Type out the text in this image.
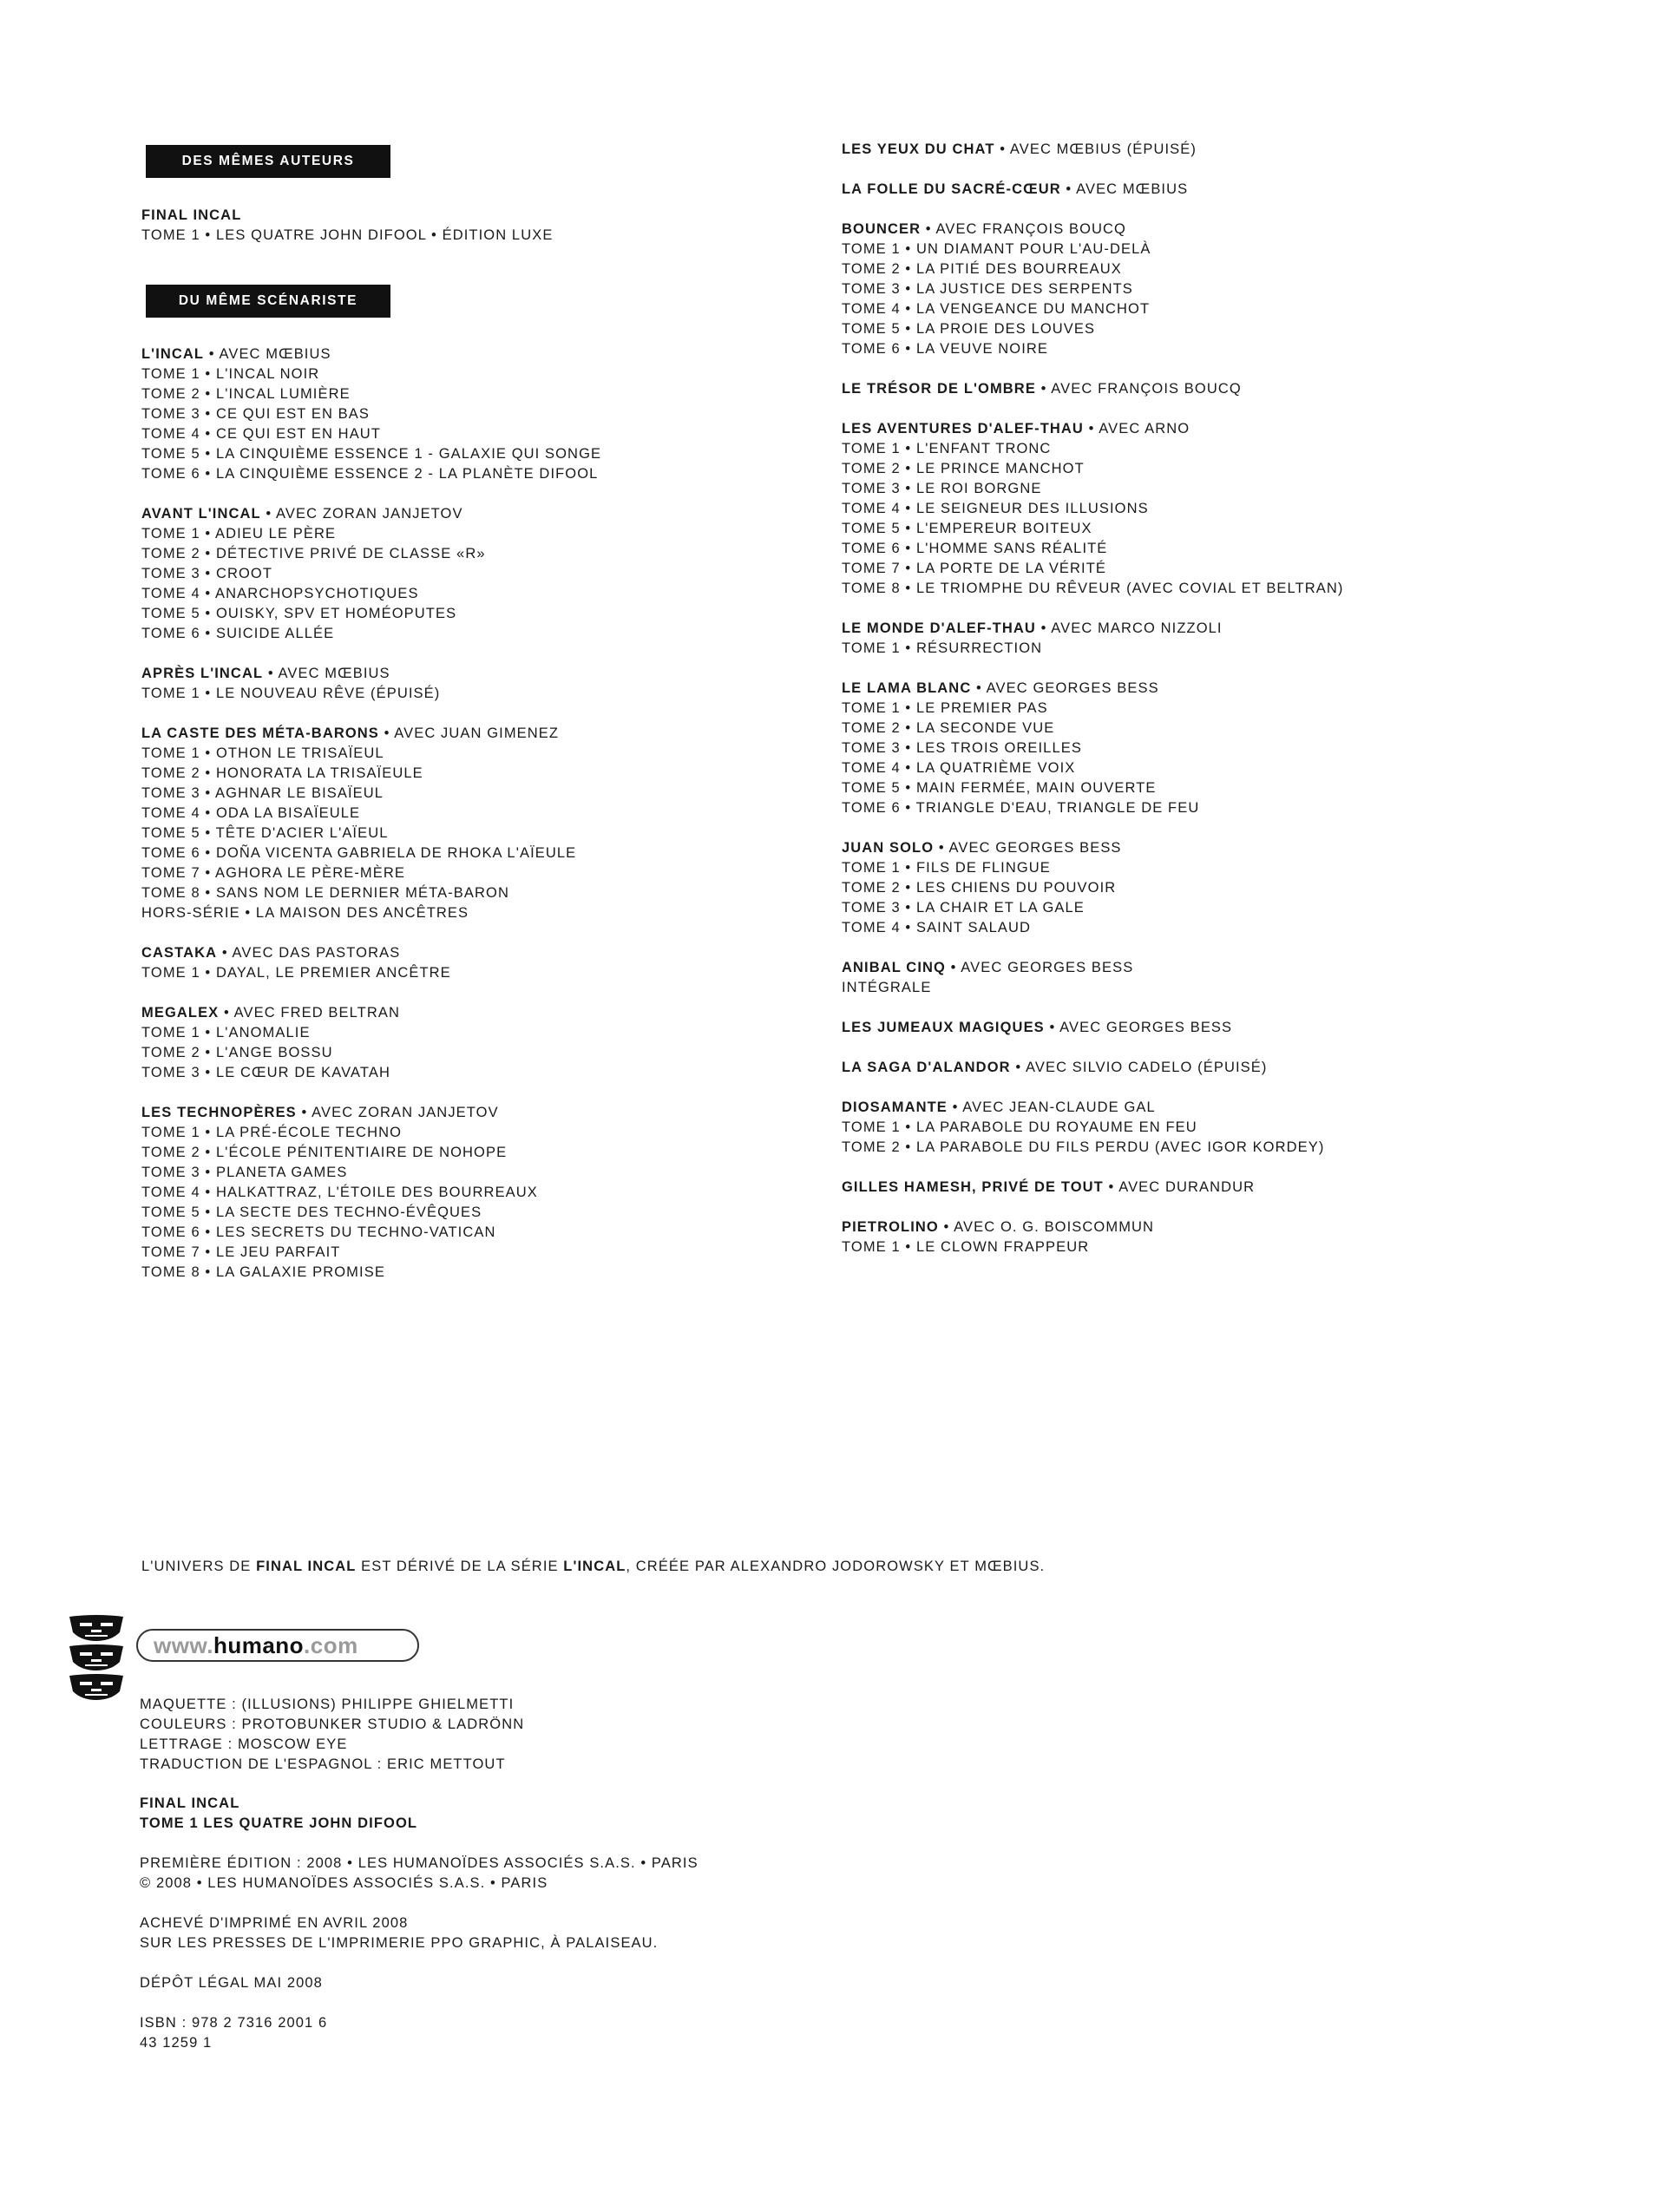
DES MÊMES AUTEURS
FINAL INCAL
TOME 1 • LES QUATRE JOHN DIFOOL • ÉDITION LUXE
DU MÊME SCÉNARISTE
L'INCAL • AVEC MŒBIUS
TOME 1 • L'INCAL NOIR
TOME 2 • L'INCAL LUMIÈRE
TOME 3 • CE QUI EST EN BAS
TOME 4 • CE QUI EST EN HAUT
TOME 5 • LA CINQUIÈME ESSENCE 1 - GALAXIE QUI SONGE
TOME 6 • LA CINQUIÈME ESSENCE 2 - LA PLANÈTE DIFOOL
AVANT L'INCAL • AVEC ZORAN JANJETOV
TOME 1 • ADIEU LE PÈRE
TOME 2 • DÉTECTIVE PRIVÉ DE CLASSE «R»
TOME 3 • CROOT
TOME 4 • ANARCHOPSYCHOTIQUES
TOME 5 • OUISKY, SPV ET HOMÉOPUTES
TOME 6 • SUICIDE ALLÉE
APRÈS L'INCAL • AVEC MŒBIUS
TOME 1 • LE NOUVEAU RÊVE (ÉPUISÉ)
LA CASTE DES MÉTA-BARONS • AVEC JUAN GIMENEZ
TOME 1 • OTHON LE TRISAÏEUL
TOME 2 • HONORATA LA TRISAÏEULE
TOME 3 • AGHNAR LE BISAÏEUL
TOME 4 • ODA LA BISAÏEULE
TOME 5 • TÊTE D'ACIER L'AÏEUL
TOME 6 • DOÑA VICENTA GABRIELA DE RHOKA L'AÏEULE
TOME 7 • AGHORA LE PÈRE-MÈRE
TOME 8 • SANS NOM LE DERNIER MÉTA-BARON
HORS-SÉRIE • LA MAISON DES ANCÊTRES
CASTAKA • AVEC DAS PASTORAS
TOME 1 • DAYAL, LE PREMIER ANCÊTRE
MEGALEX • AVEC FRED BELTRAN
TOME 1 • L'ANOMALIE
TOME 2 • L'ANGE BOSSU
TOME 3 • LE CŒUR DE KAVATAH
LES TECHNOPÈRES • AVEC ZORAN JANJETOV
TOME 1 • LA PRÉ-ÉCOLE TECHNO
TOME 2 • L'ÉCOLE PÉNITENTIAIRE DE NOHOPE
TOME 3 • PLANETA GAMES
TOME 4 • HALKATTRAZ, L'ÉTOILE DES BOURREAUX
TOME 5 • LA SECTE DES TECHNO-ÉVÊQUES
TOME 6 • LES SECRETS DU TECHNO-VATICAN
TOME 7 • LE JEU PARFAIT
TOME 8 • LA GALAXIE PROMISE
LES YEUX DU CHAT • AVEC MŒBIUS (ÉPUISÉ)
LA FOLLE DU SACRÉ-CŒUR • AVEC MŒBIUS
BOUNCER • AVEC FRANÇOIS BOUCQ
TOME 1 • UN DIAMANT POUR L'AU-DELÀ
TOME 2 • LA PITIÉ DES BOURREAUX
TOME 3 • LA JUSTICE DES SERPENTS
TOME 4 • LA VENGEANCE DU MANCHOT
TOME 5 • LA PROIE DES LOUVES
TOME 6 • LA VEUVE NOIRE
LE TRÉSOR DE L'OMBRE • AVEC FRANÇOIS BOUCQ
LES AVENTURES D'ALEF-THAU • AVEC ARNO
TOME 1 • L'ENFANT TRONC
TOME 2 • LE PRINCE MANCHOT
TOME 3 • LE ROI BORGNE
TOME 4 • LE SEIGNEUR DES ILLUSIONS
TOME 5 • L'EMPEREUR BOITEUX
TOME 6 • L'HOMME SANS RÉALITÉ
TOME 7 • LA PORTE DE LA VÉRITÉ
TOME 8 • LE TRIOMPHE DU RÊVEUR (AVEC COVIAL ET BELTRAN)
LE MONDE D'ALEF-THAU • AVEC MARCO NIZZOLI
TOME 1 • RÉSURRECTION
LE LAMA BLANC • AVEC GEORGES BESS
TOME 1 • LE PREMIER PAS
TOME 2 • LA SECONDE VUE
TOME 3 • LES TROIS OREILLES
TOME 4 • LA QUATRIÈME VOIX
TOME 5 • MAIN FERMÉE, MAIN OUVERTE
TOME 6 • TRIANGLE D'EAU, TRIANGLE DE FEU
JUAN SOLO • AVEC GEORGES BESS
TOME 1 • FILS DE FLINGUE
TOME 2 • LES CHIENS DU POUVOIR
TOME 3 • LA CHAIR ET LA GALE
TOME 4 • SAINT SALAUD
ANIBAL CINQ • AVEC GEORGES BESS
INTÉGRALE
LES JUMEAUX MAGIQUES • AVEC GEORGES BESS
LA SAGA D'ALANDOR • AVEC SILVIO CADELO (ÉPUISÉ)
DIOSAMANTE • AVEC JEAN-CLAUDE GAL
TOME 1 • LA PARABOLE DU ROYAUME EN FEU
TOME 2 • LA PARABOLE DU FILS PERDU (AVEC IGOR KORDEY)
GILLES HAMESH, PRIVÉ DE TOUT • AVEC DURANDUR
PIETROLINO • AVEC O. G. BOISCOMMUN
TOME 1 • LE CLOWN FRAPPEUR
L'UNIVERS DE FINAL INCAL EST DÉRIVÉ DE LA SÉRIE L'INCAL, CRÉÉE PAR ALEXANDRO JODOROWSKY ET MŒBIUS.
www.humano.com
MAQUETTE : (ILLUSIONS) PHILIPPE GHIELMETTI
COULEURS : PROTOBUNKER STUDIO & LADRÖNN
LETTRAGE : MOSCOW EYE
TRADUCTION DE L'ESPAGNOL : ERIC METTOUT
FINAL INCAL
TOME 1 LES QUATRE JOHN DIFOOL
PREMIÈRE ÉDITION : 2008 • LES HUMANOÏDES ASSOCIÉS S.A.S. • PARIS
© 2008 • LES HUMANOÏDES ASSOCIÉS S.A.S. • PARIS
ACHEVÉ D'IMPRIMÉ EN AVRIL 2008
SUR LES PRESSES DE L'IMPRIMERIE PPO GRAPHIC, À PALAISEAU.
DÉPÔT LÉGAL MAI 2008
ISBN : 978 2 7316 2001 6
43 1259 1
